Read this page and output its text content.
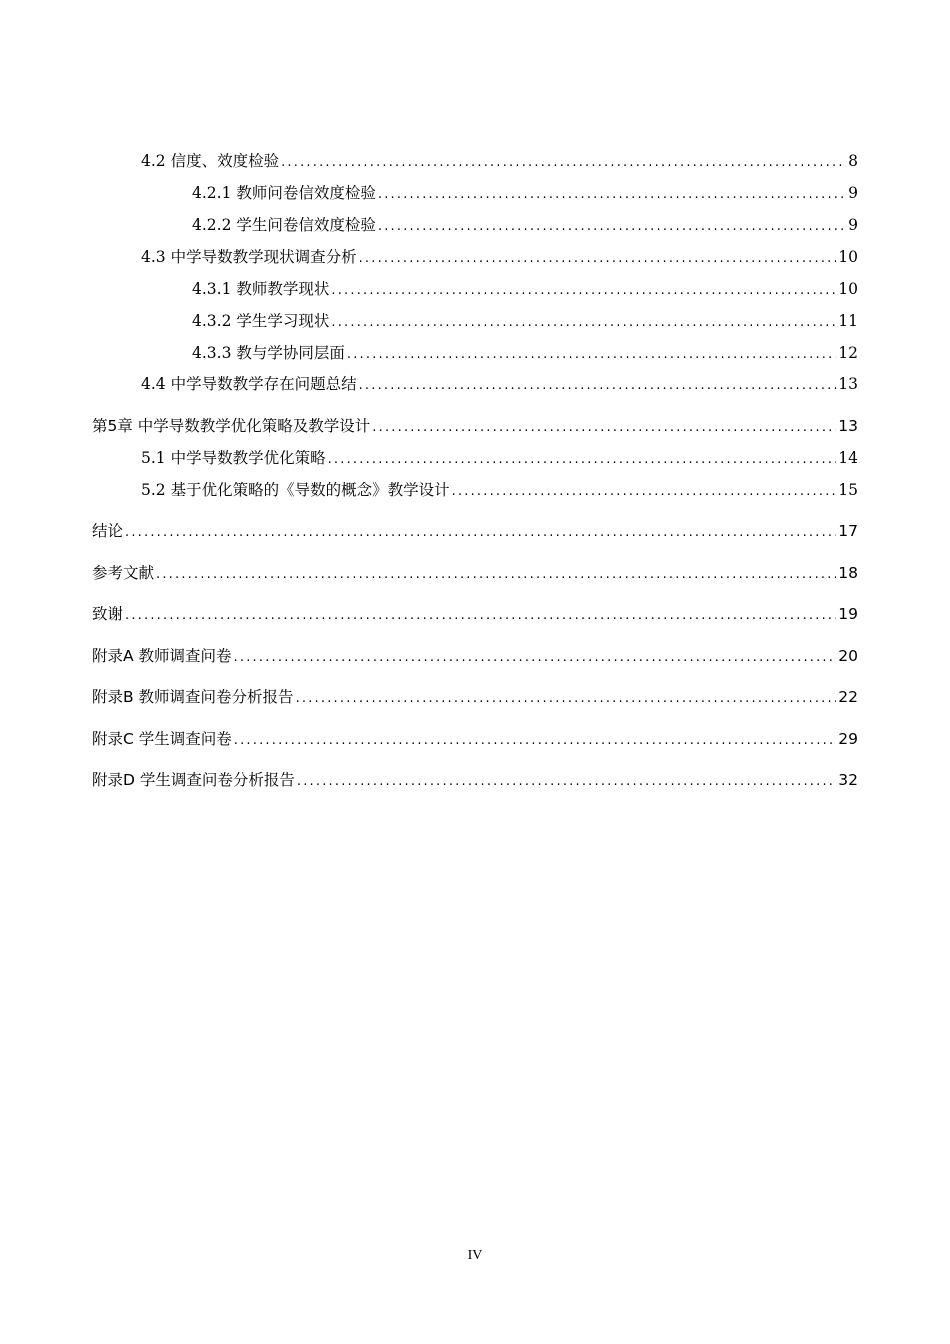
4.2 信度、效度检验 .....	8
4.2.1 教师问卷信效度检验 .....	9
4.2.2 学生问卷信效度检验 .....	9
4.3 中学导数教学现状调查分析 .....	10
4.3.1 教师教学现状 .....	10
4.3.2 学生学习现状 .....	11
4.3.3 教与学协同层面 .....	12
4.4 中学导数教学存在问题总结 .....	13
第5章 中学导数教学优化策略及教学设计 .....	13
5.1 中学导数教学优化策略 .....	14
5.2 基于优化策略的《导数的概念》教学设计 .....	15
结论 .....	17
参考文献 .....	18
致谢 .....	19
附录A 教师调查问卷 .....	20
附录B 教师调查问卷分析报告 .....	22
附录C 学生调查问卷 .....	29
附录D 学生调查问卷分析报告 .....	32
IV
